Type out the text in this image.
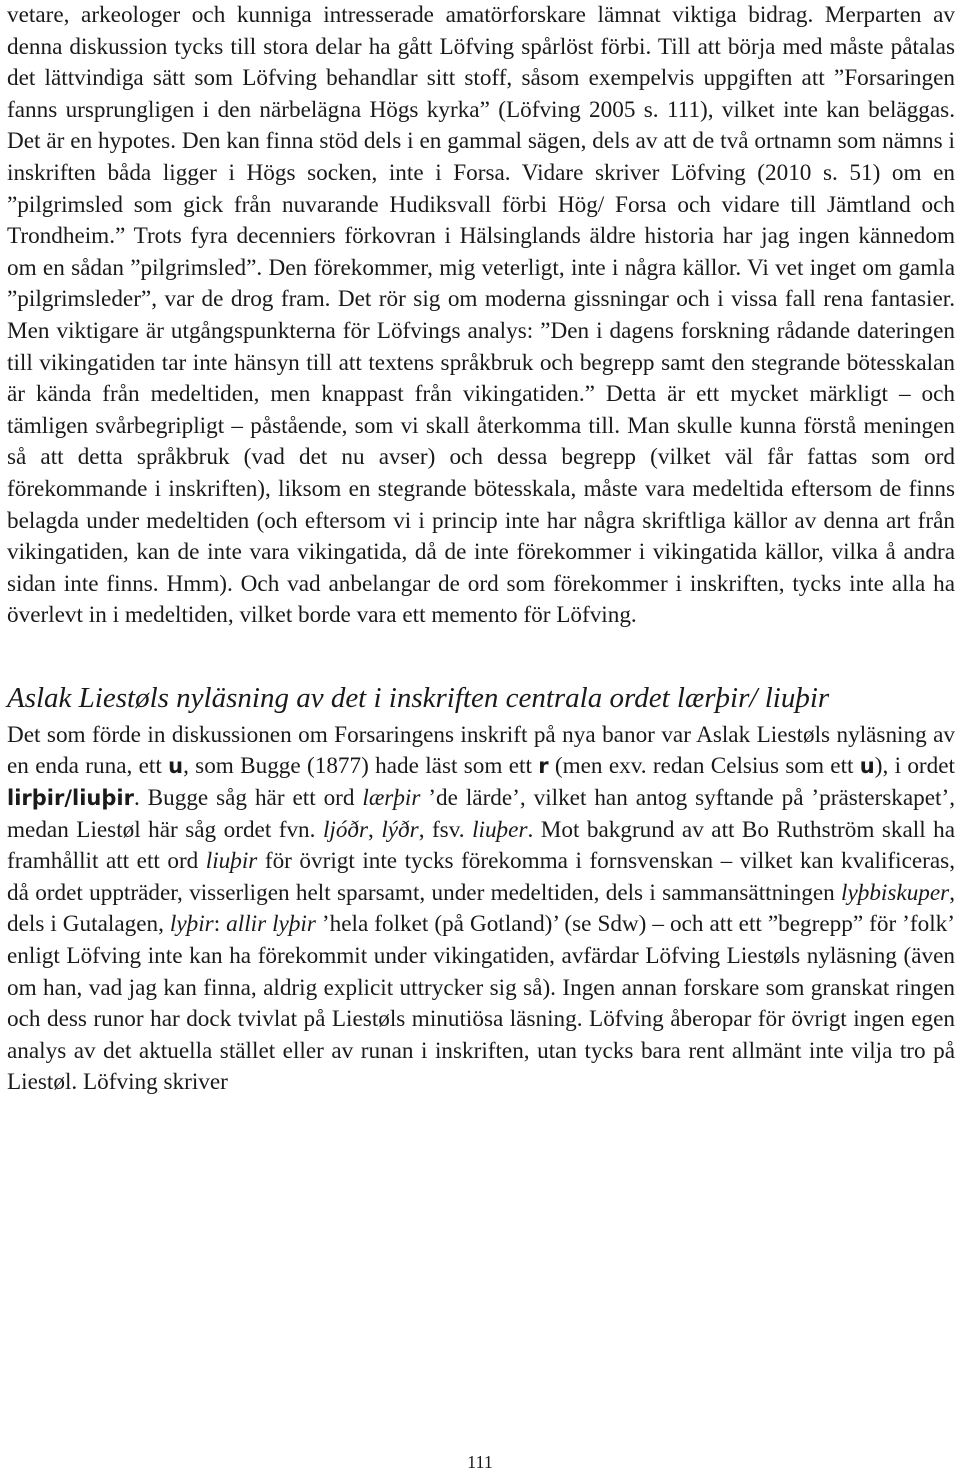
vetare, arkeologer och kunniga intresserade amatörforskare lämnat viktiga bidrag. Merparten av denna diskussion tycks till stora delar ha gått Löfving spårlöst förbi. Till att börja med måste påtalas det lättvindiga sätt som Löfving behandlar sitt stoff, såsom exempelvis uppgiften att ”Forsaringen fanns ursprungligen i den närbelägna Högs kyrka” (Löfving 2005 s. 111), vilket inte kan beläggas. Det är en hypotes. Den kan finna stöd dels i en gammal sägen, dels av att de två ortnamn som nämns i inskriften båda ligger i Högs socken, inte i Forsa. Vidare skriver Löfving (2010 s. 51) om en ”pilgrimsled som gick från nuvarande Hudiksvall förbi Hög/ Forsa och vidare till Jämtland och Trondheim.” Trots fyra decenniers förkovran i Hälsinglands äldre historia har jag ingen kännedom om en sådan ”pilgrimsled”. Den förekommer, mig veterligt, inte i några källor. Vi vet inget om gamla ”pilgrimsleder”, var de drog fram. Det rör sig om moderna gissningar och i vissa fall rena fantasier. Men viktigare är utgångspunkterna för Löfvings analys: ”Den i dagens forskning rådande dateringen till vikingatiden tar inte hänsyn till att textens språkbruk och begrepp samt den stegrande bötesskalan är kända från medeltiden, men knappast från vikingatiden.” Detta är ett mycket märkligt – och tämligen svårbegripligt – påstående, som vi skall återkomma till. Man skulle kunna förstå meningen så att detta språkbruk (vad det nu avser) och dessa begrepp (vilket väl får fattas som ord förekommande i inskriften), liksom en stegrande bötesskala, måste vara medeltida eftersom de finns belagda under medeltiden (och eftersom vi i princip inte har några skriftliga källor av denna art från vikingatiden, kan de inte vara vikingatida, då de inte förekommer i vikingatida källor, vilka å andra sidan inte finns. Hmm). Och vad anbelangar de ord som förekommer i inskriften, tycks inte alla ha överlevt in i medeltiden, vilket borde vara ett memento för Löfving.

Aslak Liestøls nyläsning av det i inskriften centrala ordet lærþir/ liuþir

Det som förde in diskussionen om Forsaringens inskrift på nya banor var Aslak Liestøls nyläsning av en enda runa, ett u, som Bugge (1877) hade läst som ett r (men exv. redan Celsius som ett u), i ordet lirþir/liuþir. Bugge såg här ett ord lærþir ’de lärde’, vilket han antog syftande på ’prästerskapet’, medan Liestøl här såg ordet fvn. ljóðr, lýðr, fsv. liuþer. Mot bakgrund av att Bo Ruthström skall ha framhållit att ett ord liuþir för övrigt inte tycks förekomma i fornsvenskan – vilket kan kvalificeras, då ordet uppträder, visserligen helt sparsamt, under medeltiden, dels i sammansättningen lyþbiskuper, dels i Gutalagen, lyþir: allir lyþir ’hela folket (på Gotland)’ (se Sdw) – och att ett ”begrepp” för ’folk’ enligt Löfving inte kan ha förekommit under vikingatiden, avfärdar Löfving Liestøls nyläsning (även om han, vad jag kan finna, aldrig explicit uttrycker sig så). Ingen annan forskare som granskat ringen och dess runor har dock tvivlat på Liestøls minutiösa läsning. Löfving åberopar för övrigt ingen egen analys av det aktuella stället eller av runan i inskriften, utan tycks bara rent allmänt inte vilja tro på Liestøl. Löfving skriver

111
